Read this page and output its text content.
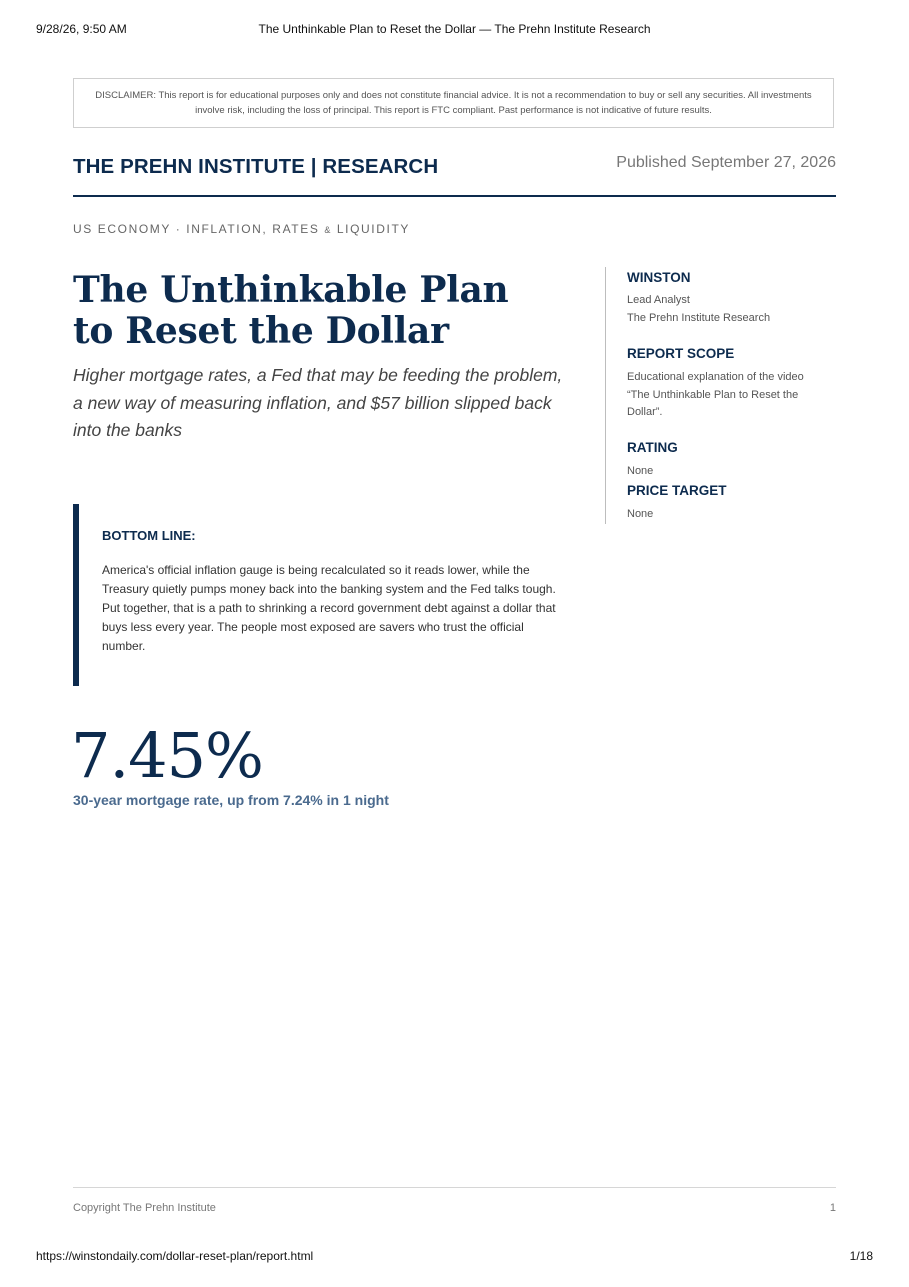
9/28/26, 9:50 AM	The Unthinkable Plan to Reset the Dollar — The Prehn Institute Research
DISCLAIMER: This report is for educational purposes only and does not constitute financial advice. It is not a recommendation to buy or sell any securities. All investments involve risk, including the loss of principal. This report is FTC compliant. Past performance is not indicative of future results.
THE PREHN INSTITUTE | RESEARCH	Published September 27, 2026
US ECONOMY · INFLATION, RATES & LIQUIDITY
The Unthinkable Plan
to Reset the Dollar

Higher mortgage rates, a Fed that may be feeding the problem, a new way of measuring inflation, and $57 billion slipped back into the banks

BOTTOM LINE:

America's official inflation gauge is being recalculated so it reads lower, while the Treasury quietly pumps money back into the banking system and the Fed talks tough. Put together, that is a path to shrinking a record government debt against a dollar that buys less every year. The people most exposed are savers who trust the official number.

7.45%
30-year mortgage rate, up from 7.24% in 1 night
WINSTON
Lead Analyst
The Prehn Institute Research
REPORT SCOPE

Educational explanation of the video “The Unthinkable Plan to Reset the Dollar”.

RATING
None
PRICE TARGET
None
Copyright The Prehn Institute	1
https://winstondaily.com/dollar-reset-plan/report.html	1/18
